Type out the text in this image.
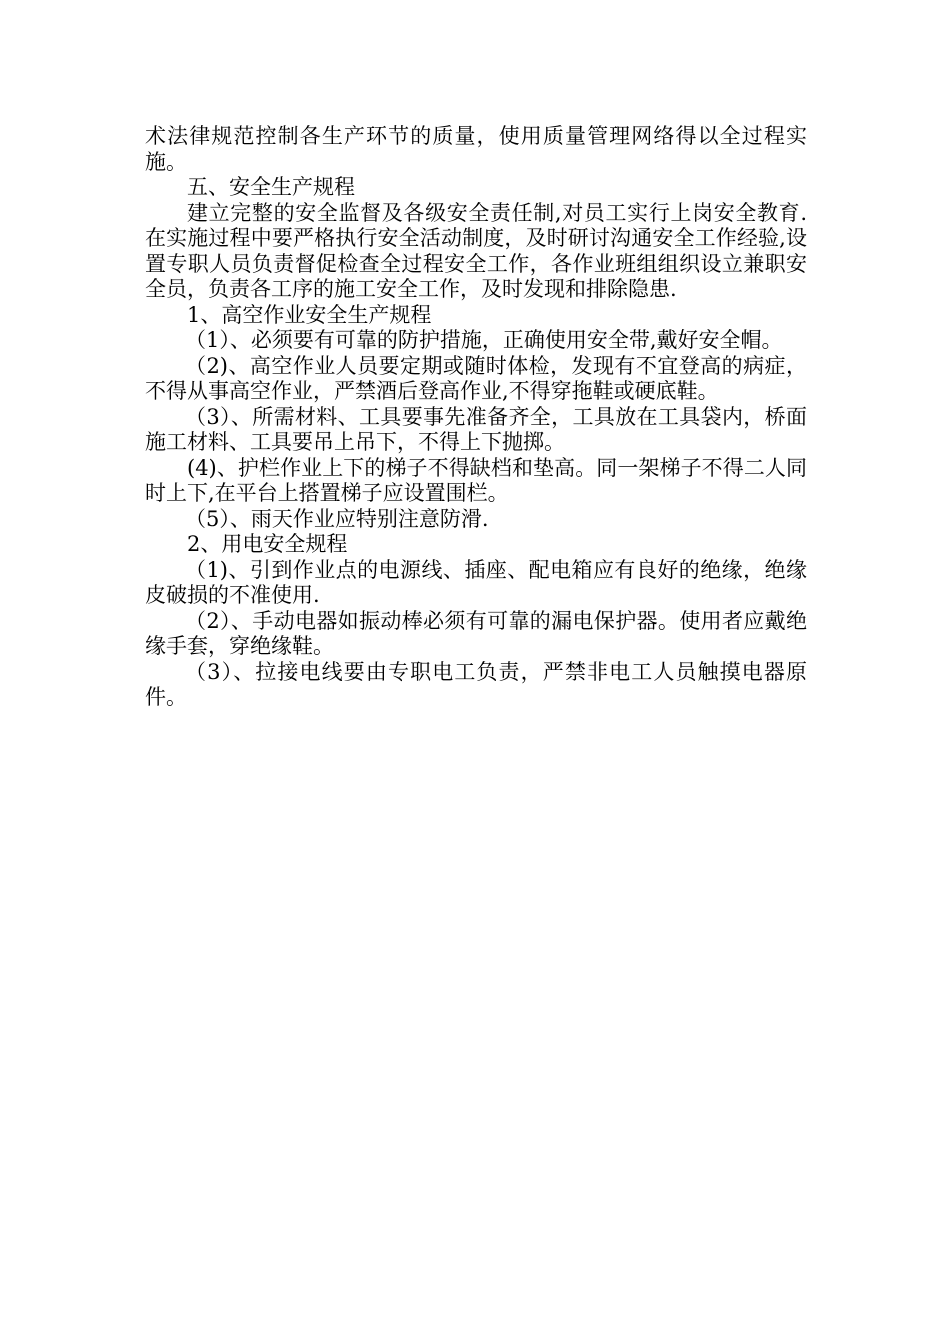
术法律规范控制各生产环节的质量，使用质量管理网络得以全过程实施。

五、安全生产规程

建立完整的安全监督及各级安全责任制,对员工实行上岗安全教育.在实施过程中要严格执行安全活动制度，及时研讨沟通安全工作经验,设置专职人员负责督促检查全过程安全工作，各作业班组组织设立兼职安全员，负责各工序的施工安全工作，及时发现和排除隐患.

1、高空作业安全生产规程

（1）、必须要有可靠的防护措施，正确使用安全带,戴好安全帽。

（2)、高空作业人员要定期或随时体检，发现有不宜登高的病症，不得从事高空作业，严禁酒后登高作业,不得穿拖鞋或硬底鞋。

（3）、所需材料、工具要事先准备齐全，工具放在工具袋内，桥面施工材料、工具要吊上吊下，不得上下抛掷。

(4)、护栏作业上下的梯子不得缺档和垫高。同一架梯子不得二人同时上下,在平台上搭置梯子应设置围栏。

（5）、雨天作业应特别注意防滑.

2、用电安全规程

（1)、引到作业点的电源线、插座、配电箱应有良好的绝缘，绝缘皮破损的不准使用.

（2）、手动电器如振动棒必须有可靠的漏电保护器。使用者应戴绝缘手套，穿绝缘鞋。

（3）、拉接电线要由专职电工负责，严禁非电工人员触摸电器原件。
